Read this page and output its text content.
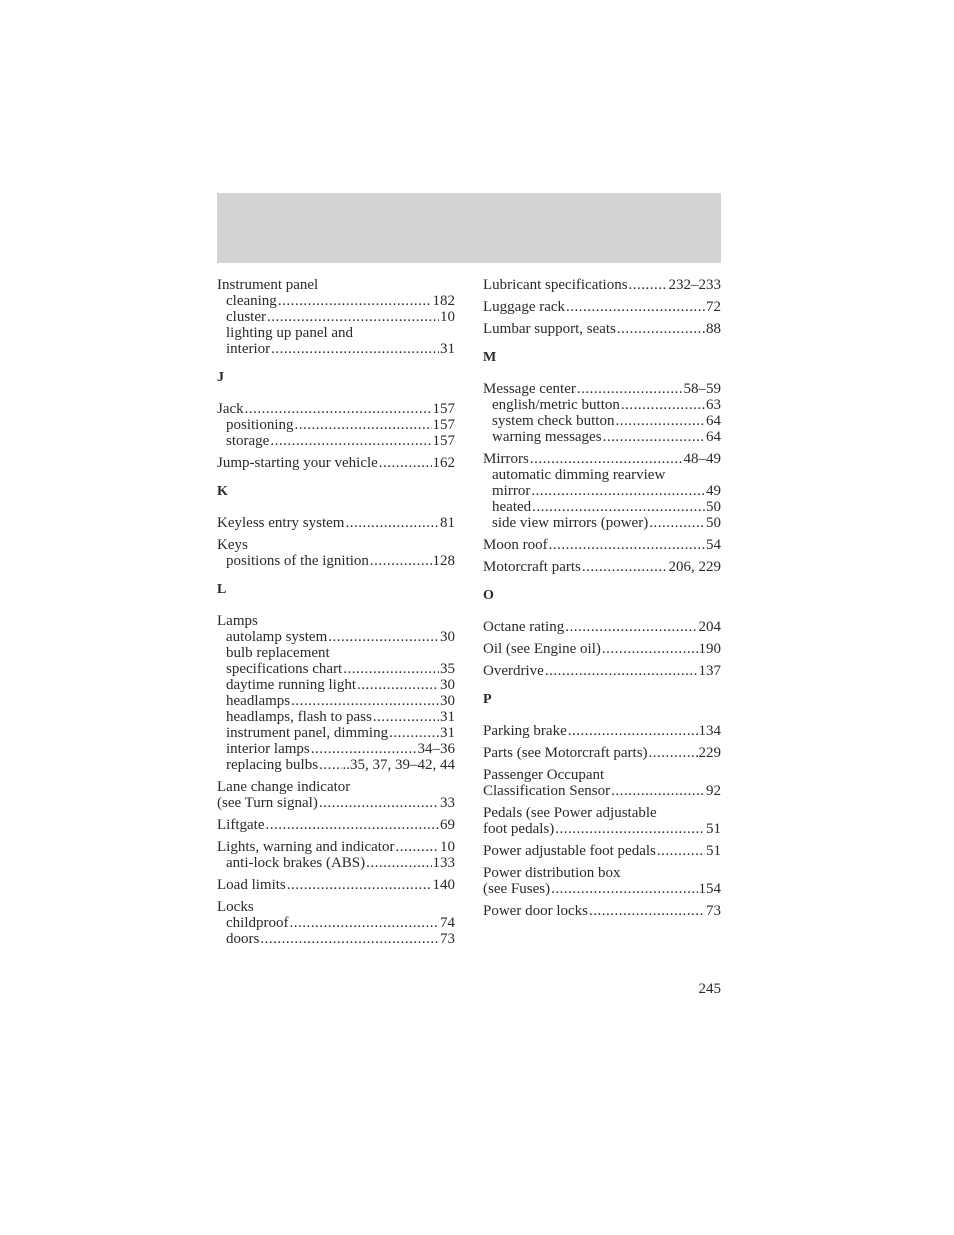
Instrument panel
cleaning .....	182
cluster .....	10
lighting up panel and
interior .....	31
J
Jack .....	157
positioning .....	157
storage .....	157
Jump-starting your vehicle .....	162
K
Keyless entry system .....	81
Keys
positions of the ignition .....	128
L
Lamps
autolamp system .....	30
bulb replacement
specifications chart .....	35
daytime running light .....	30
headlamps .....	30
headlamps, flash to pass .....	31
instrument panel, dimming .....	31
interior lamps .....	34–36
replacing bulbs ..... ..35, 37, 39–42, 44
Lane change indicator
(see Turn signal) .....	33
Liftgate .....	69
Lights, warning and indicator .....	10
anti-lock brakes (ABS) .....	133
Load limits .....	140
Locks
childproof .....	74
doors .....	73
Lubricant specifications .....	232–233
Luggage rack .....	72
Lumbar support, seats .....	88
M
Message center .....	58–59
english/metric button .....	63
system check button .....	64
warning messages .....	64
Mirrors .....	48–49
automatic dimming rearview
mirror .....	49
heated .....	50
side view mirrors (power) .....	50
Moon roof .....	54
Motorcraft parts .....	206, 229
O
Octane rating .....	204
Oil (see Engine oil) .....	190
Overdrive .....	137
P
Parking brake .....	134
Parts (see Motorcraft parts) .....	229
Passenger Occupant
Classification Sensor .....	92
Pedals (see Power adjustable
foot pedals) .....	51
Power adjustable foot pedals .....	51
Power distribution box
(see Fuses) .....	154
Power door locks .....	73
245
